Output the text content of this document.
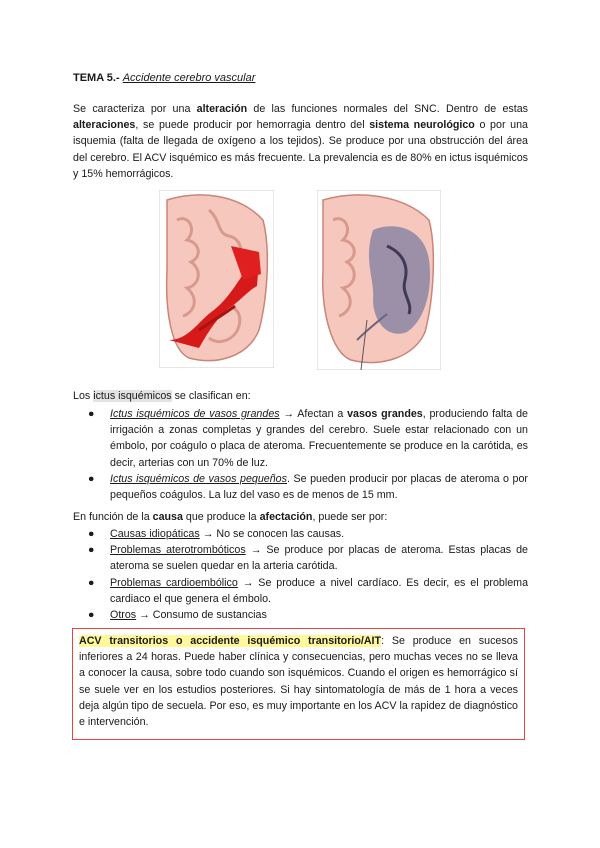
TEMA 5.- Accidente cerebro vascular
Se caracteriza por una alteración de las funciones normales del SNC. Dentro de estas alteraciones, se puede producir por hemorragia dentro del sistema neurológico o por una isquemia (falta de llegada de oxígeno a los tejidos). Se produce por una obstrucción del área del cerebro. El ACV isquémico es más frecuente. La prevalencia es de 80% en ictus isquémicos y 15% hemorrágicos.
Los ictus isquémicos se clasifican en:
● Ictus isquémicos de vasos grandes → Afectan a vasos grandes, produciendo falta de irrigación a zonas completas y grandes del cerebro. Suele estar relacionado con un émbolo, por coágulo o placa de ateroma. Frecuentemente se produce en la carótida, es decir, arterias con un 70% de luz.
● Ictus isquémicos de vasos pequeños. Se pueden producir por placas de ateroma o por pequeños coágulos. La luz del vaso es de menos de 15 mm.
En función de la causa que produce la afectación, puede ser por:
● Causas idiopáticas → No se conocen las causas.
● Problemas aterotrombóticos → Se produce por placas de ateroma. Estas placas de ateroma se suelen quedar en la arteria carótida.
● Problemas cardioembólico → Se produce a nivel cardíaco. Es decir, es el problema cardiaco el que genera el émbolo.
● Otros → Consumo de sustancias
ACV transitorios o accidente isquémico transitorio/AIT: Se produce en sucesos inferiores a 24 horas. Puede haber clínica y consecuencias, pero muchas veces no se lleva a conocer la causa, sobre todo cuando son isquémicos. Cuando el origen es hemorrágico sí se suele ver en los estudios posteriores. Si hay sintomatología de más de 1 hora a veces deja algún tipo de secuela. Por eso, es muy importante en los ACV la rapidez de diagnóstico e intervención.
